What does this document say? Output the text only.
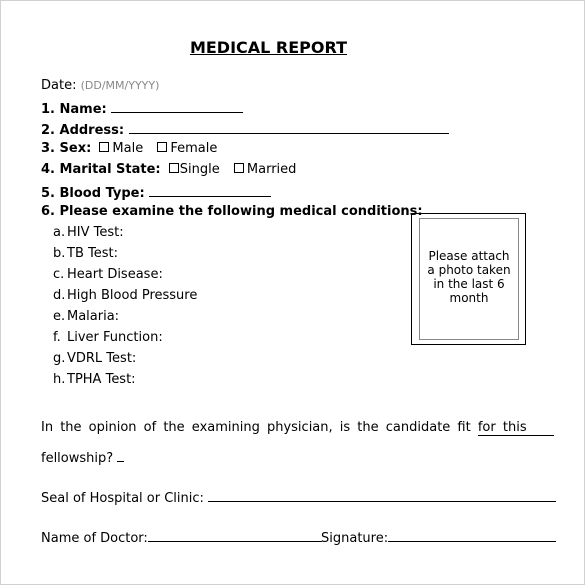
MEDICAL REPORT
Date: (DD/MM/YYYY)
1. Name:
2. Address:
3. Sex: Male Female
4. Marital State: Single Married
5. Blood Type:
6. Please examine the following medical conditions:
a. HIV Test:
b. TB Test:
c. Heart Disease:
d. High Blood Pressure
e. Malaria:
f. Liver Function:
g. VDRL Test:
h. TPHA Test:
Please attach a photo taken in the last 6 month
In the opinion of the examining physician, is the candidate fit for this
fellowship?
Seal of Hospital or Clinic:
Name of Doctor:	Signature:
